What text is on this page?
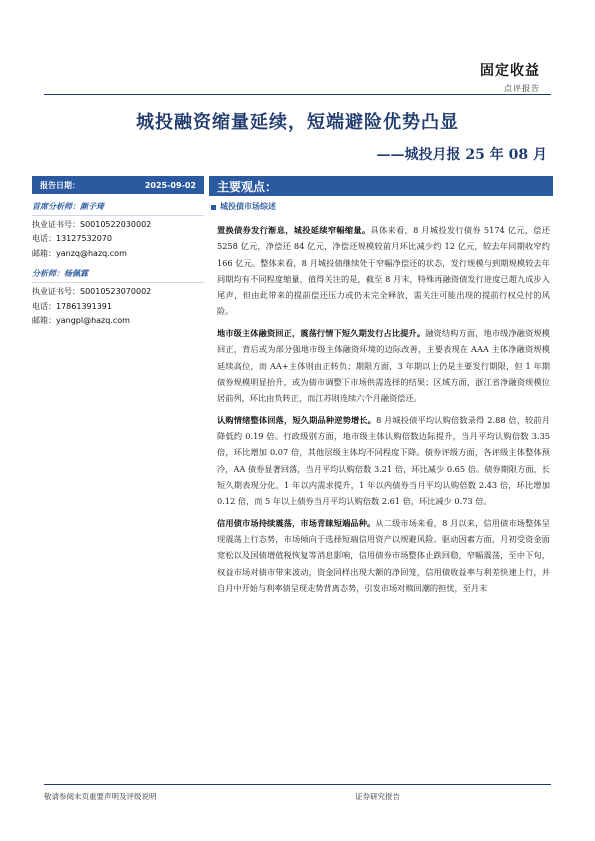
固定收益
点评报告
城投融资缩量延续，短端避险优势凸显
——城投月报 25 年 08 月
报告日期：	2025-09-02
首席分析师：颜子琦
执业证书号：S0010522030002
电话：13127532070
邮箱：yanzq@hazq.com
分析师：杨佩霖
执业证书号：S0010523070002
电话：17861391391
邮箱：yangpl@hazq.com
主要观点：
城投债市场综述

置换债券发行渐息，城投延续窄幅缩量。具体来看，8 月城投发行债券 5174 亿元，偿还 5258 亿元，净偿还 84 亿元，净偿还规模较前月环比减少约 12 亿元，较去年同期收窄约 166 亿元。整体来看，8 月城投债继续处于窄幅净偿还的状态，发行规模与到期规模较去年同期均有不同程度缩量，值得关注的是，截至 8 月末，特殊再融资债发行进度已超九成步入尾声，但由此带来的提前偿还压力或仍未完全释放，需关注可能出现的提前行权兑付的风险。

地市级主体融资回正，震荡行情下短久期发行占比提升。融资结构方面，地市级净融资规模回正，背后或为部分强地市级主体融资环境的边际改善，主要表现在 AAA 主体净融资规模延续高位，而 AA+主体则由正转负；期限方面，3 年期以上仍是主要发行期限，但 1 年期债券规模明显抬升，或为债市调整下市场供需选择的结果；区域方面，浙江省净融资规模位居前列，环比由负转正，而江苏则连续六个月融资偿还。

认购情绪整体回落，短久期品种逆势增长。8 月城投债平均认购倍数录得 2.88 倍，较前月降低约 0.19 倍。行政级别方面，地市级主体认购倍数边际提升，当月平均认购倍数 3.35 倍，环比增加 0.07 倍，其他层级主体均不同程度下降。债券评级方面，各评级主体整体预冷，AA 债券显著回落，当月平均认购倍数 3.21 倍，环比减少 0.65 倍。债券期限方面，长短久期表现分化，1 年以内需求提升，1 年以内债券当月平均认购倍数 2.43 倍，环比增加 0.12 倍，而 5 年以上债券当月平均认购倍数 2.61 倍，环比减少 0.73 倍。

信用债市场持续震荡，市场青睐短端品种。从二级市场来看，8 月以来，信用债市场整体呈现震荡上行态势，市场倾向于选择短端信用资产以规避风险。驱动因素方面，月初受资金面宽松以及国债增值税恢复等消息影响，信用债券市场整体止跌回稳，窄幅震荡，至中下旬，权益市场对债市带来波动，资金同样出现大额的净回笼，信用债收益率与利差快速上行，并自月中开始与利率债呈现走势背离态势，引发市场对赎回潮的担忧，至月末

敬请参阅末页重要声明及评级说明	证券研究报告
